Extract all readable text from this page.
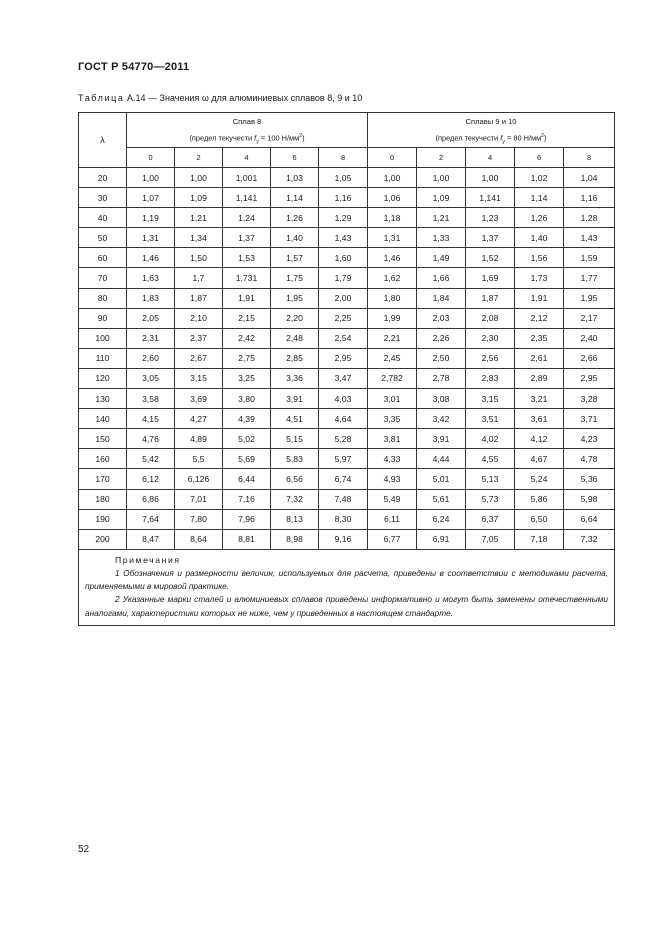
ГОСТ Р 54770—2011
Таблица А.14 — Значения ω для алюминиевых сплавов 8, 9 и 10
λ	Сплав 8					Сплавы 9 и 10				
	(предел текучести $f_y = 100$ $Н/мм^2$)					(предел текучести $f_y = 80$ $Н/мм^2$)				
	0	2	4	6	8	0	2	4	6	8
20	1,00	1,00	1,001	1,03	1,05	1,00	1,00	1,00	1,02	1,04
30	1,07	1,09	1,141	1,14	1,16	1,06	1,09	1,141	1,14	1,16
40	1,19	1,21	1,24	1,26	1,29	1,18	1,21	1,23	1,26	1,28
50	1,31	1,34	1,37	1,40	1,43	1,31	1,33	1,37	1,40	1,43
60	1,46	1,50	1,53	1,57	1,60	1,46	1,49	1,52	1,56	1,59
70	1,63	1,7	1,731	1,75	1,79	1,62	1,66	1,69	1,73	1,77
80	1,83	1,87	1,91	1,95	2,00	1,80	1,84	1,87	1,91	1,95
90	2,05	2,10	2,15	2,20	2,25	1,99	2,03	2,08	2,12	2,17
100	2,31	2,37	2,42	2,48	2,54	2,21	2,26	2,30	2,35	2,40
110	2,60	2,67	2,75	2,85	2,95	2,45	2,50	2,56	2,61	2,66
120	3,05	3,15	3,25	3,36	3,47	2,782	2,78	2,83	2,89	2,95
130	3,58	3,69	3,80	3,91	4,03	3,01	3,08	3,15	3,21	3,28
140	4,15	4,27	4,39	4,51	4,64	3,35	3,42	3,51	3,61	3,71
150	4,76	4,89	5,02	5,15	5,28	3,81	3,91	4,02	4,12	4,23
160	5,42	5,5	5,69	5,83	5,97	4,33	4,44	4,55	4,67	4,78
170	6,12	6,126	6,44	6,56	6,74	4,93	5,01	5,13	5,24	5,36
180	6,86	7,01	7,16	7,32	7,48	5,49	5,61	5,73	5,86	5,98
190	7,64	7,80	7,96	8,13	8,30	6,11	6,24	6,37	6,50	6,64
200	8,47	8,64	8,81	8,98	9,16	6,77	6,91	7,05	7,18	7,32

Примечания
1 Обозначения и размерности величин, используемых для расчета, приведены в соответствии с методиками расчета, применяемыми в мировой практике.
2 Указанные марки сталей и алюминиевых сплавов приведены информативно и могут быть заменены отечественными аналогами, характеристики которых не ниже, чем у приведенных в настоящем стандарте.										
52
